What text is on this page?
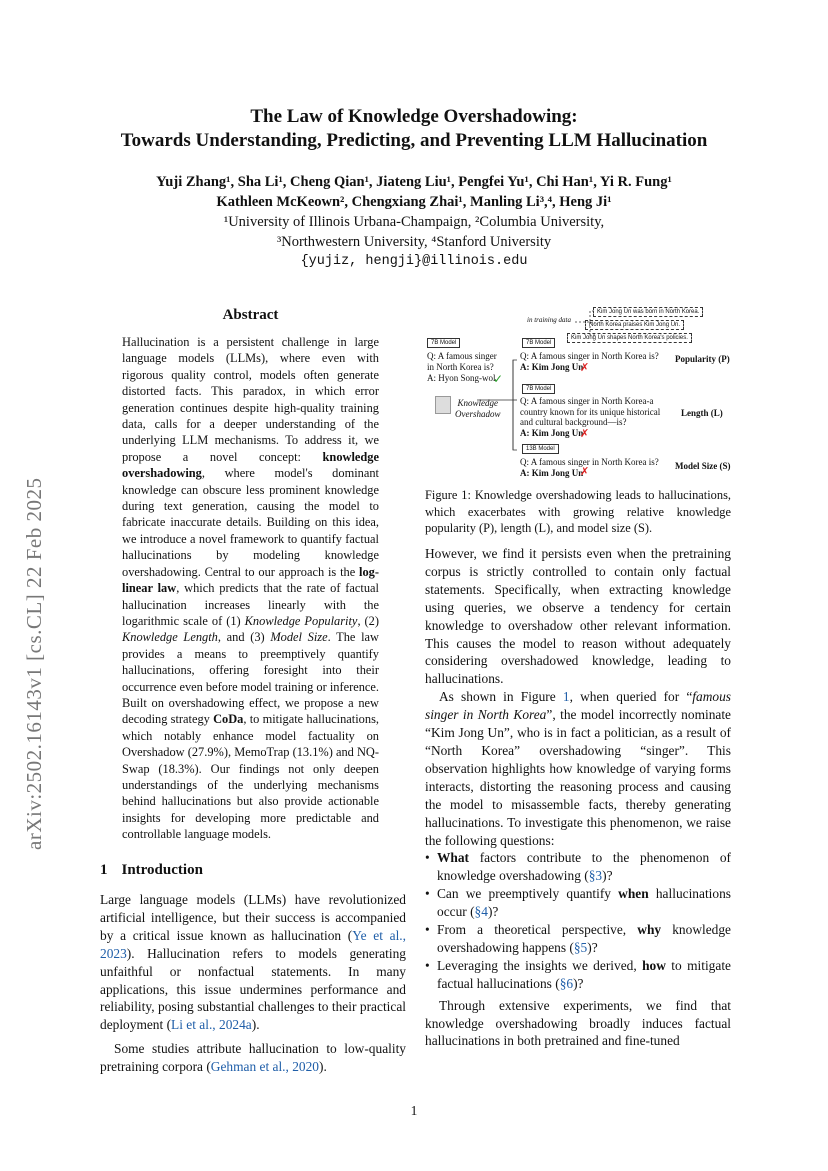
The Law of Knowledge Overshadowing:
Towards Understanding, Predicting, and Preventing LLM Hallucination
Yuji Zhang¹, Sha Li¹, Cheng Qian¹, Jiateng Liu¹, Pengfei Yu¹, Chi Han¹, Yi R. Fung¹
Kathleen McKeown², Chengxiang Zhai¹, Manling Li³,⁴, Heng Ji¹
¹University of Illinois Urbana-Champaign, ²Columbia University,
³Northwestern University, ⁴Stanford University
{yujiz, hengji}@illinois.edu
arXiv:2502.16143v1 [cs.CL] 22 Feb 2025
Abstract
Hallucination is a persistent challenge in large language models (LLMs), where even with rigorous quality control, models often generate distorted facts. This paradox, in which error generation continues despite high-quality training data, calls for a deeper understanding of the underlying LLM mechanisms. To address it, we propose a novel concept: knowledge overshadowing, where model's dominant knowledge can obscure less prominent knowledge during text generation, causing the model to fabricate inaccurate details. Building on this idea, we introduce a novel framework to quantify factual hallucinations by modeling knowledge overshadowing. Central to our approach is the log-linear law, which predicts that the rate of factual hallucination increases linearly with the logarithmic scale of (1) Knowledge Popularity, (2) Knowledge Length, and (3) Model Size. The law provides a means to preemptively quantify hallucinations, offering foresight into their occurrence even before model training or inference. Built on overshadowing effect, we propose a new decoding strategy CoDa, to mitigate hallucinations, which notably enhance model factuality on Overshadow (27.9%), MemoTrap (13.1%) and NQ-Swap (18.3%). Our findings not only deepen understandings of the underlying mechanisms behind hallucinations but also provide actionable insights for developing more predictable and controllable language models.
1 Introduction

Large language models (LLMs) have revolutionized artificial intelligence, but their success is accompanied by a critical issue known as hallucination (Ye et al., 2023). Hallucination refers to models generating unfaithful or nonfactual statements. In many applications, this issue undermines performance and reliability, posing substantial challenges to their practical deployment (Li et al., 2024a).

Some studies attribute hallucination to low-quality pretraining corpora (Gehman et al., 2020).

in training data
Kim Jong Un was born in North Korea.
North Korea praises Kim Jong Un.
Kim Jong Un shapes North Korea's policies.
7B Model
Q: A famous singer in North Korea is?
A: Hyon Song-wol
✓
Knowledge
Overshadow
7B Model
Q: A famous singer in North Korea is?
A: Kim Jong Un
✗
Popularity (P)
7B Model
Q: A famous singer in North Korea-a country known for its unique historical and cultural background—is?
A: Kim Jong Un
✗
Length (L)
13B Model
Q: A famous singer in North Korea is?
A: Kim Jong Un
✗	Model Size (S)
Figure 1: Knowledge overshadowing leads to hallucinations, which exacerbates with growing relative knowledge popularity (P), length (L), and model size (S).

However, we find it persists even when the pretraining corpus is strictly controlled to contain only factual statements. Specifically, when extracting knowledge using queries, we observe a tendency for certain knowledge to overshadow other relevant information. This causes the model to reason without adequately considering overshadowed knowledge, leading to hallucinations.

As shown in Figure 1, when queried for “famous singer in North Korea”, the model incorrectly nominate “Kim Jong Un”, who is in fact a politician, as a result of “North Korea” overshadowing “singer”. This observation highlights how knowledge of varying forms interacts, distorting the reasoning process and causing the model to misassemble facts, thereby generating hallucinations. To investigate this phenomenon, we raise the following questions:

• What factors contribute to the phenomenon of knowledge overshadowing (§3)?
• Can we preemptively quantify when hallucinations occur (§4)?
• From a theoretical perspective, why knowledge overshadowing happens (§5)?
• Leveraging the insights we derived, how to mitigate factual hallucinations (§6)?

Through extensive experiments, we find that knowledge overshadowing broadly induces factual hallucinations in both pretrained and fine-tuned

1
